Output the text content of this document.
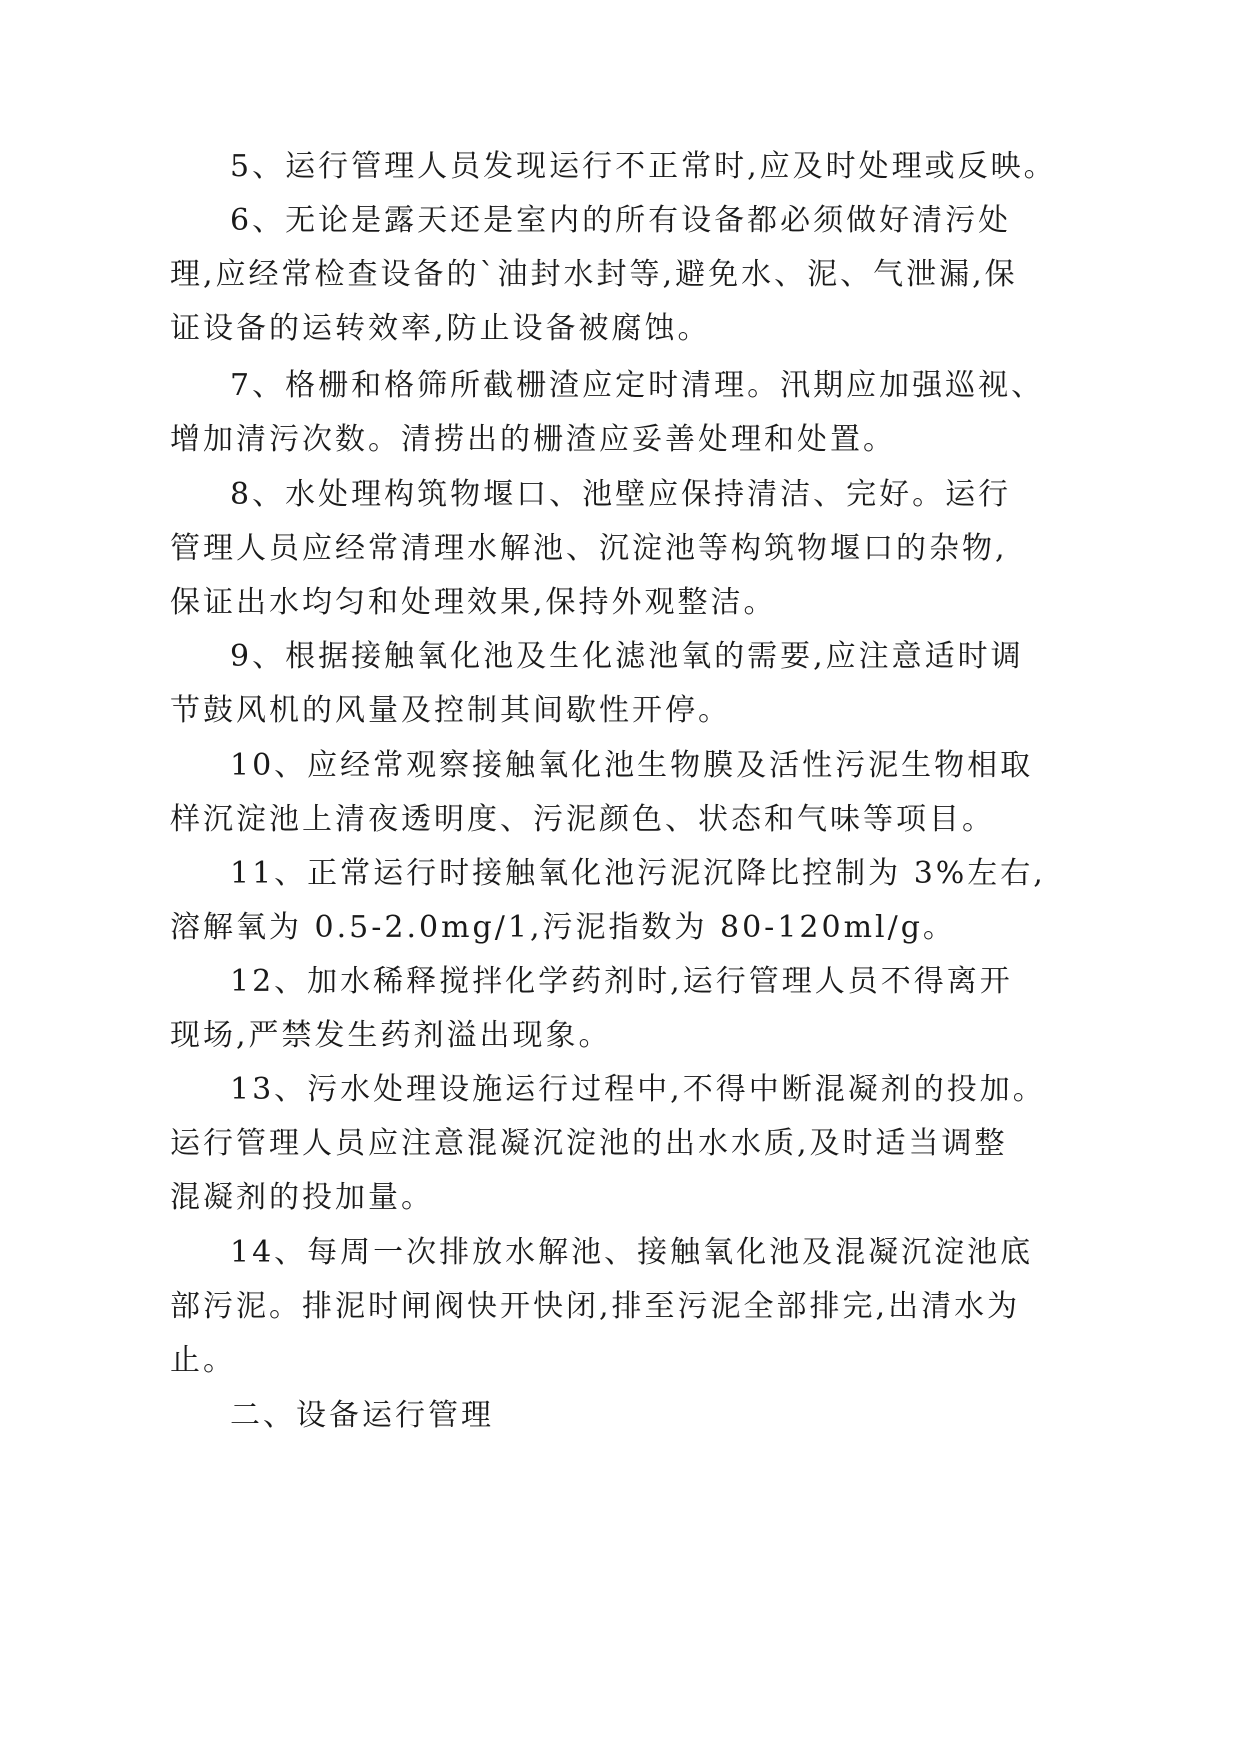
5、运行管理人员发现运行不正常时,应及时处理或反映。
6、无论是露天还是室内的所有设备都必须做好清污处
理,应经常检查设备的`油封水封等,避免水、泥、气泄漏,保
证设备的运转效率,防止设备被腐蚀。
7、格栅和格筛所截栅渣应定时清理。汛期应加强巡视、
增加清污次数。清捞出的栅渣应妥善处理和处置。
8、水处理构筑物堰口、池壁应保持清洁、完好。运行
管理人员应经常清理水解池、沉淀池等构筑物堰口的杂物,
保证出水均匀和处理效果,保持外观整洁。
9、根据接触氧化池及生化滤池氧的需要,应注意适时调
节鼓风机的风量及控制其间歇性开停。
10、应经常观察接触氧化池生物膜及活性污泥生物相取
样沉淀池上清夜透明度、污泥颜色、状态和气味等项目。
11、正常运行时接触氧化池污泥沉降比控制为 3%左右,
溶解氧为 0.5-2.0mg/1,污泥指数为 80-120ml/g。
12、加水稀释搅拌化学药剂时,运行管理人员不得离开
现场,严禁发生药剂溢出现象。
13、污水处理设施运行过程中,不得中断混凝剂的投加。
运行管理人员应注意混凝沉淀池的出水水质,及时适当调整
混凝剂的投加量。
14、每周一次排放水解池、接触氧化池及混凝沉淀池底
部污泥。排泥时闸阀快开快闭,排至污泥全部排完,出清水为
止。
二、设备运行管理
